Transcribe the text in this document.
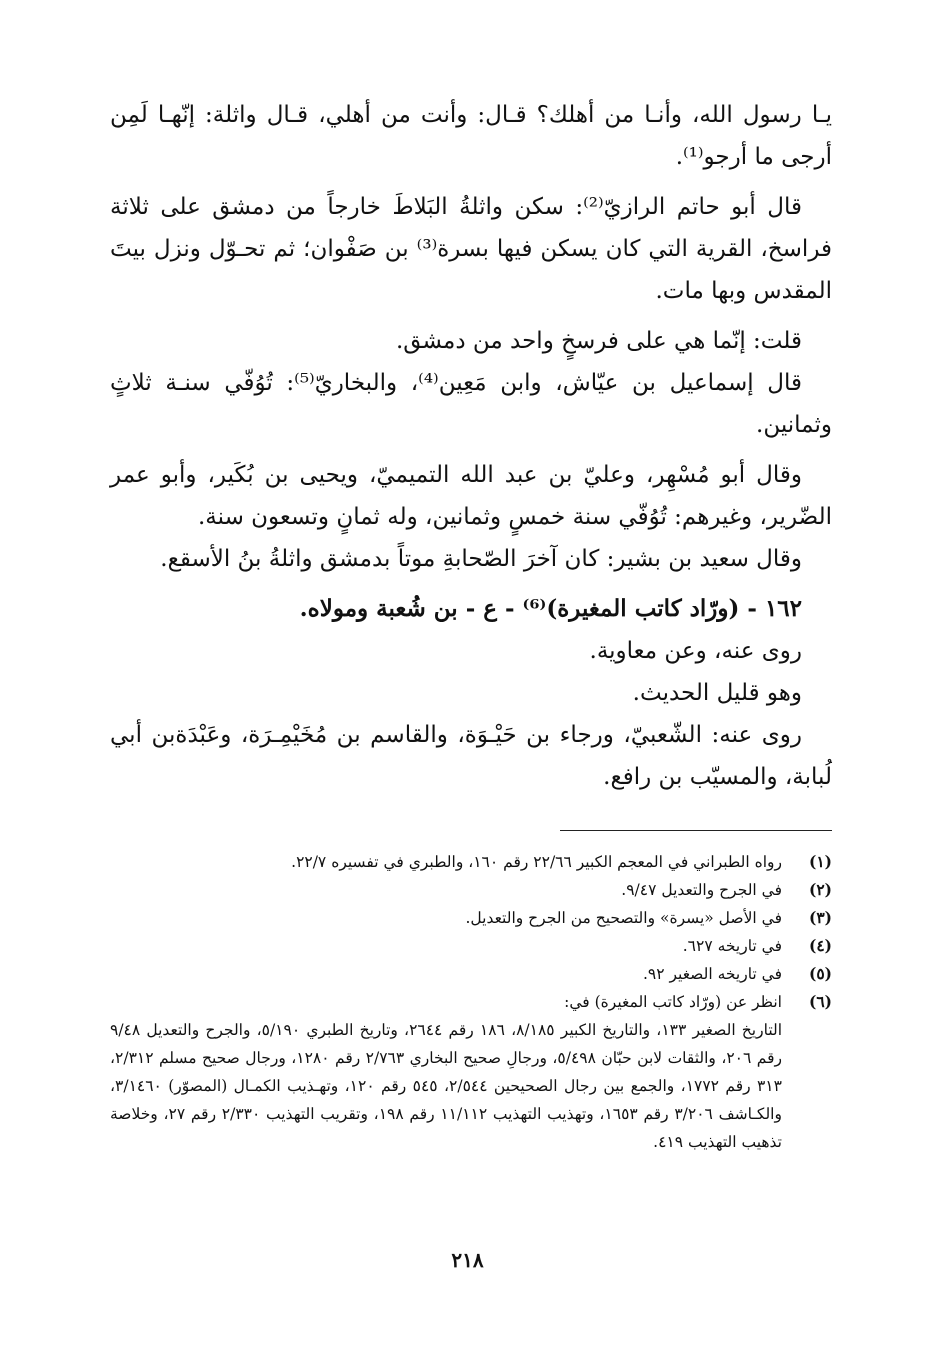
يـا رسول الله، وأنـا من أهلك؟ قـال: وأنت من أهلي، قـال واثلة: إنّهـا لَمِن أرجى ما أرجو⁽¹⁾.

قال أبو حاتم الرازيّ⁽²⁾: سكن واثلةُ البَلاطَ خارجاً من دمشق على ثلاثة فراسخ، القرية التي كان يسكن فيها بسرة⁽³⁾ بن صَفْوان؛ ثم تحـوّل ونزل بيتَ المقدس وبها مات.

قلت: إنّما هي على فرسخٍ واحد من دمشق.

قال إسماعيل بن عيّاش، وابن مَعِين⁽⁴⁾، والبخاريّ⁽⁵⁾: تُوُفّي سنـة ثلاثٍ وثمانين.

وقال أبو مُسْهِر، وعليّ بن عبد الله التميميّ، ويحيى بن بُكَير، وأبو عمر الضّرير، وغيرهم: تُوُفّي سنة خمسٍ وثمانين، وله ثمانٍ وتسعون سنة.

وقال سعيد بن بشير: كان آخرَ الصّحابةِ موتاً بدمشق واثلةُ بنُ الأسقع.

١٦٢ - (ورّاد كاتب المغيرة)⁽⁶⁾ - ع - بن شُعبة ومولاه.

روى عنه، وعن معاوية.

وهو قليل الحديث.

روى عنه: الشّعبيّ، ورجاء بن حَيْـوَة، والقاسم بن مُخَيْمِـرَة، وعَبْدَةبن أبي لُبابة، والمسيّب بن رافع.

(١)
رواه الطبراني في المعجم الكبير ٢٢/٦٦ رقم ١٦٠، والطبري في تفسيره ٢٢/٧.
(٢)
في الجرح والتعديل ٩/٤٧.
(٣)
في الأصل «يسرة» والتصحيح من الجرح والتعديل.
(٤)
في تاريخه ٦٢٧.
(٥)
في تاريخه الصغير ٩٢.
(٦)
انظر عن (ورّاد كاتب المغيرة) في:
التاريخ الصغير ١٣٣، والتاريخ الكبير ٨/١٨٥، ١٨٦ رقم ٢٦٤٤، وتاريخ الطبري ٥/١٩٠، والجرح والتعديل ٩/٤٨ رقم ٢٠٦، والثقات لابن حبّان ٥/٤٩٨، ورجالِ صحيح البخاري ٢/٧٦٣ رقم ١٢٨٠، ورجال صحيح مسلم ٢/٣١٢، ٣١٣ رقم ١٧٧٢، والجمع بين رجال الصحيحين ٢/٥٤٤، ٥٤٥ رقم ١٢٠، وتهـذيب الكمـال (المصوّر) ٣/١٤٦٠، والكـاشف ٣/٢٠٦ رقم ١٦٥٣، وتهذيب التهذيب ١١/١١٢ رقم ١٩٨، وتقريب التهذيب ٢/٣٣٠ رقم ٢٧، وخلاصة تذهيب التهذيب ٤١٩.
٢١٨
